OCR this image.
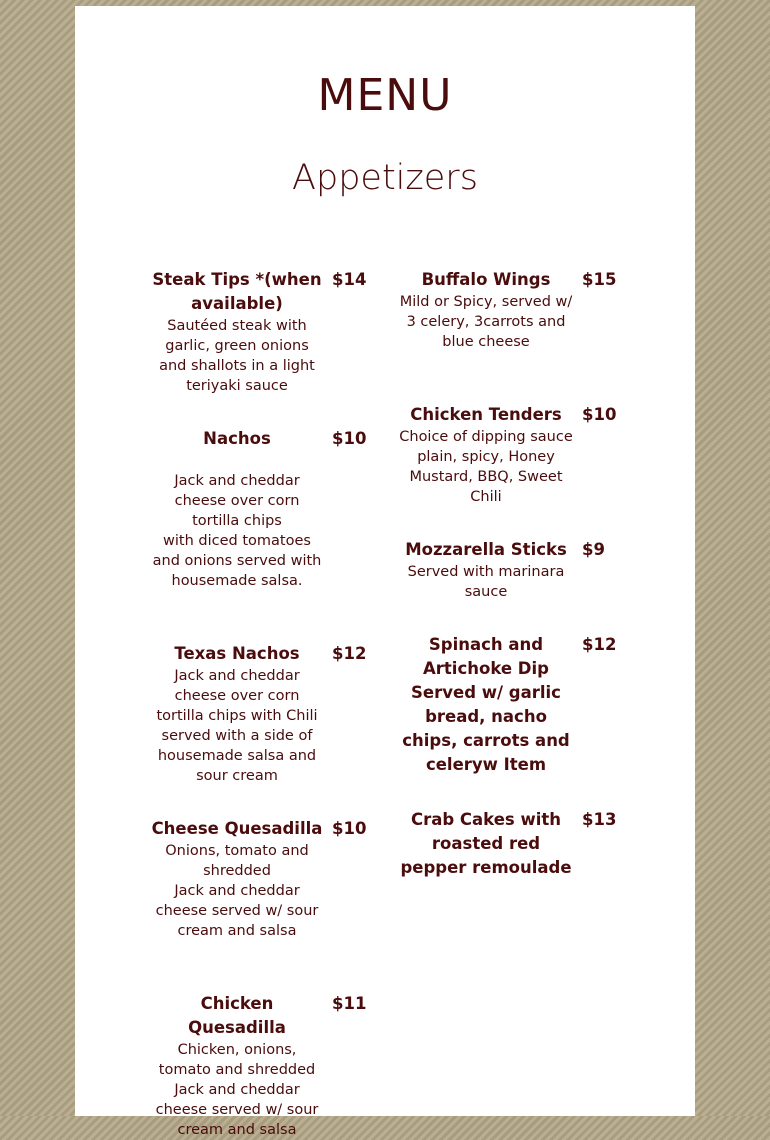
MENU
Appetizers
Steak Tips *(when available)
Sautéed steak with garlic, green onions and shallots in a light teriyaki sauce
$14
Nachos

Jack and cheddar cheese over corn tortilla chips
with diced tomatoes and onions served with housemade salsa.
$10
Texas Nachos
Jack and cheddar cheese over corn tortilla chips with Chili served with a side of housemade salsa and sour cream
$12
Cheese Quesadilla
Onions, tomato and shredded
Jack and cheddar cheese served w/ sour cream and salsa
$10
Chicken Quesadilla
Chicken, onions, tomato and shredded Jack and cheddar cheese served w/ sour cream and salsa
$11
Buffalo Wings
Mild or Spicy, served w/ 3 celery, 3carrots and blue cheese
$15
Chicken Tenders
Choice of dipping sauce plain, spicy, Honey Mustard, BBQ, Sweet Chili
$10
Mozzarella Sticks
Served with marinara sauce
$9
Spinach and Artichoke Dip Served w/ garlic bread, nacho chips, carrots and celeryw Item
$12
Crab Cakes with roasted red pepper remoulade
$13
